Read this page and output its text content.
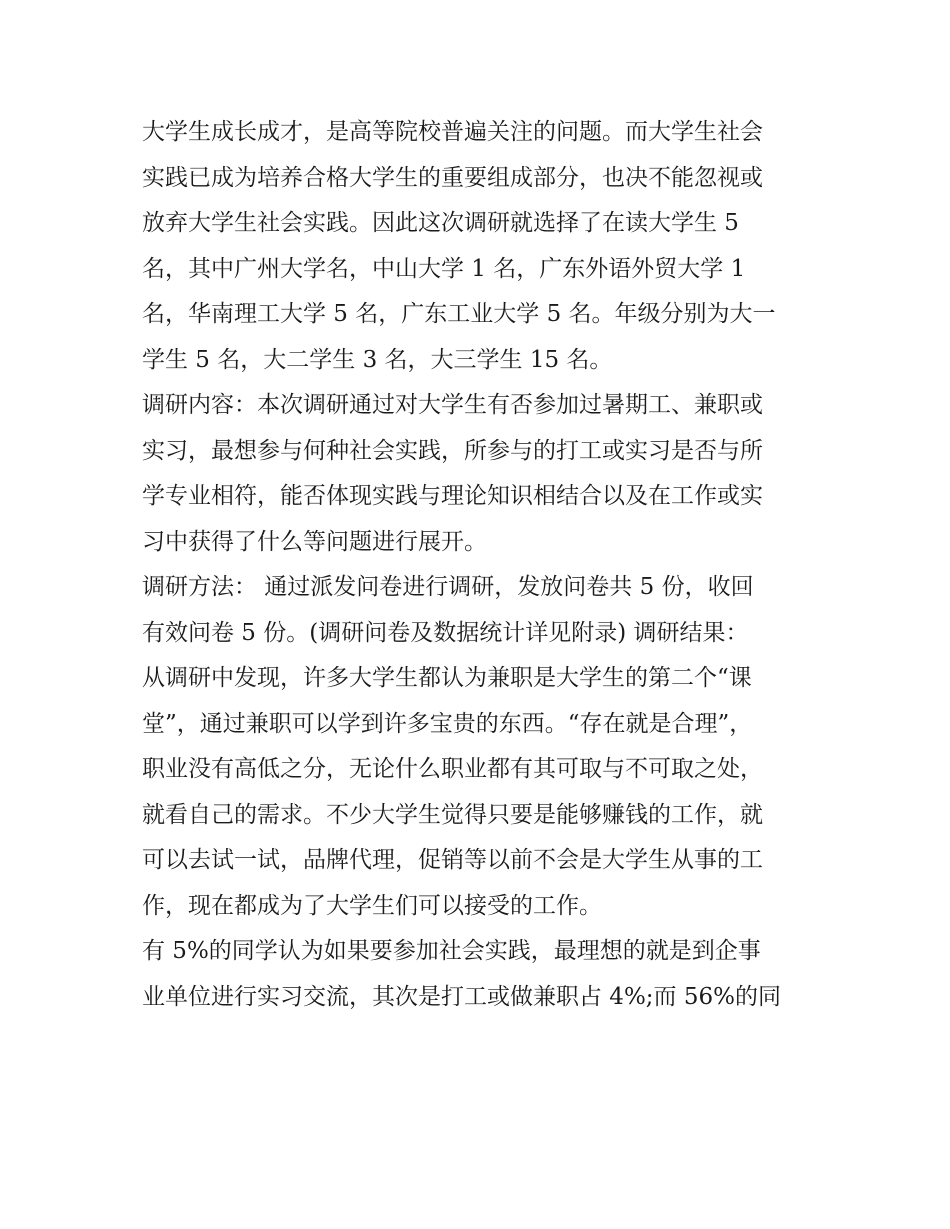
大学生成长成才，是高等院校普遍关注的问题。而大学生社会
实践已成为培养合格大学生的重要组成部分，也决不能忽视或
放弃大学生社会实践。因此这次调研就选择了在读大学生 5
名，其中广州大学名，中山大学 1 名，广东外语外贸大学 1
名，华南理工大学 5 名，广东工业大学 5 名。年级分别为大一
学生 5 名，大二学生 3 名，大三学生 15 名。
调研内容：本次调研通过对大学生有否参加过暑期工、兼职或
实习，最想参与何种社会实践，所参与的打工或实习是否与所
学专业相符，能否体现实践与理论知识相结合以及在工作或实
习中获得了什么等问题进行展开。
调研方法： 通过派发问卷进行调研，发放问卷共 5 份，收回
有效问卷 5 份。(调研问卷及数据统计详见附录) 调研结果：
从调研中发现，许多大学生都认为兼职是大学生的第二个“课
堂”，通过兼职可以学到许多宝贵的东西。“存在就是合理”，
职业没有高低之分，无论什么职业都有其可取与不可取之处，
就看自己的需求。不少大学生觉得只要是能够赚钱的工作，就
可以去试一试，品牌代理，促销等以前不会是大学生从事的工
作，现在都成为了大学生们可以接受的工作。
有 5%的同学认为如果要参加社会实践，最理想的就是到企事
业单位进行实习交流，其次是打工或做兼职占 4%;而 56%的同
